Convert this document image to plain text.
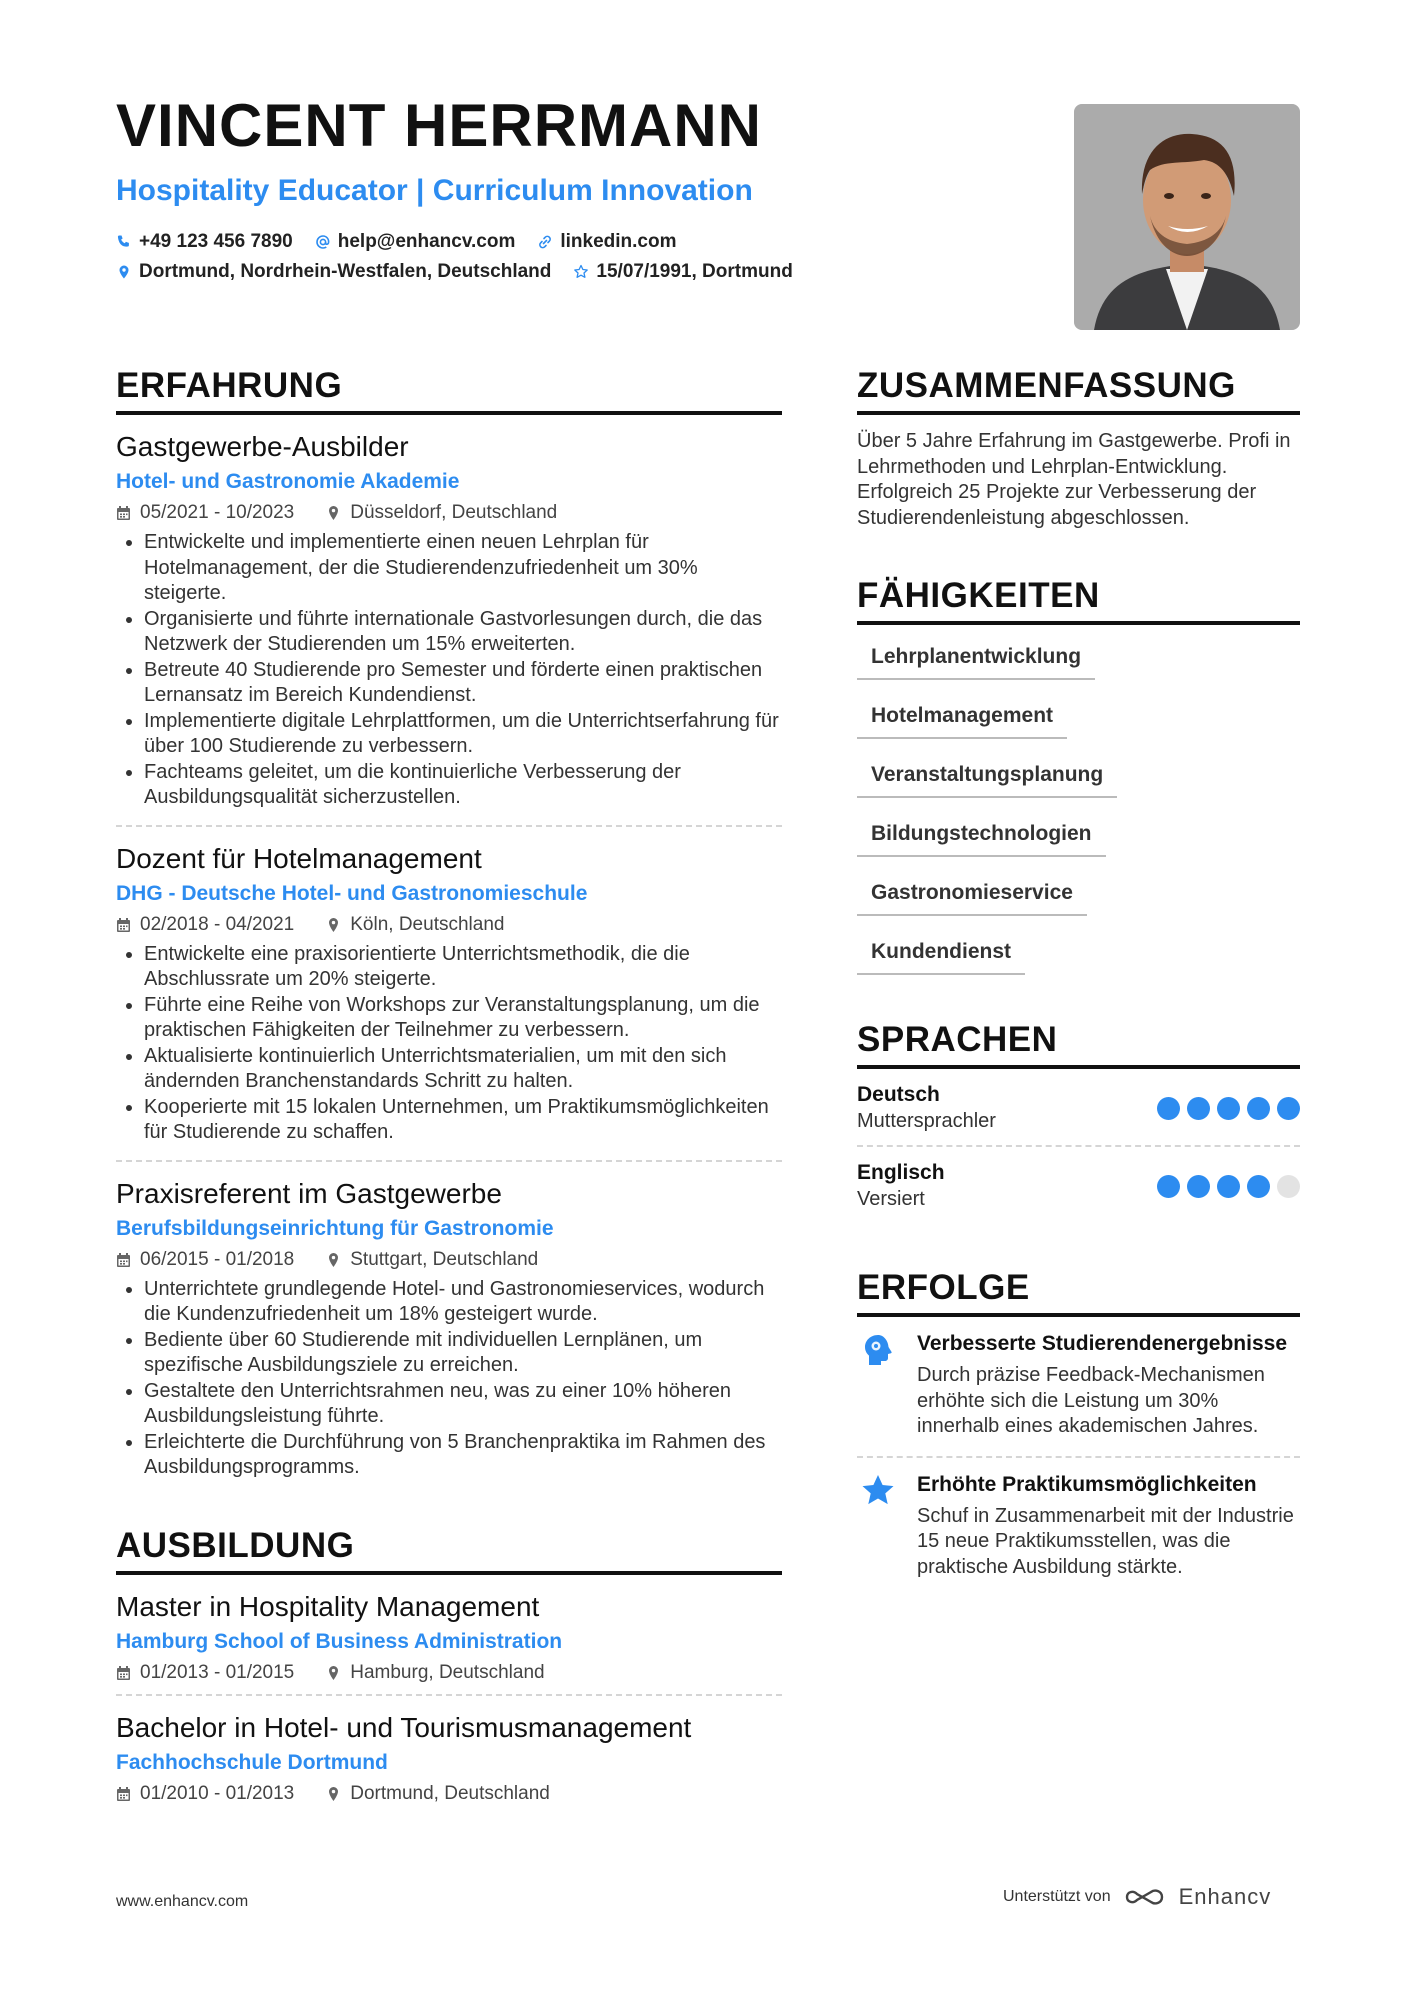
VINCENT HERRMANN
Hospitality Educator | Curriculum Innovation
+49 123 456 7890 help@enhancv.com linkedin.com
Dortmund, Nordrhein-Westfalen, Deutschland 15/07/1991, Dortmund
ERFAHRUNG
Gastgewerbe-Ausbilder
Hotel- und Gastronomie Akademie
05/2021 - 10/2023	Düsseldorf, Deutschland
• Entwickelte und implementierte einen neuen Lehrplan für Hotelmanagement, der die Studierendenzufriedenheit um 30% steigerte.
• Organisierte und führte internationale Gastvorlesungen durch, die das Netzwerk der Studierenden um 15% erweiterten.
• Betreute 40 Studierende pro Semester und förderte einen praktischen Lernansatz im Bereich Kundendienst.
• Implementierte digitale Lehrplattformen, um die Unterrichtserfahrung für über 100 Studierende zu verbessern.
• Fachteams geleitet, um die kontinuierliche Verbesserung der Ausbildungsqualität sicherzustellen.
Dozent für Hotelmanagement
DHG - Deutsche Hotel- und Gastronomieschule
02/2018 - 04/2021	Köln, Deutschland
• Entwickelte eine praxisorientierte Unterrichtsmethodik, die die Abschlussrate um 20% steigerte.
• Führte eine Reihe von Workshops zur Veranstaltungsplanung, um die praktischen Fähigkeiten der Teilnehmer zu verbessern.
• Aktualisierte kontinuierlich Unterrichtsmaterialien, um mit den sich ändernden Branchenstandards Schritt zu halten.
• Kooperierte mit 15 lokalen Unternehmen, um Praktikumsmöglichkeiten für Studierende zu schaffen.
Praxisreferent im Gastgewerbe
Berufsbildungseinrichtung für Gastronomie
06/2015 - 01/2018	Stuttgart, Deutschland
• Unterrichtete grundlegende Hotel- und Gastronomieservices, wodurch die Kundenzufriedenheit um 18% gesteigert wurde.
• Bediente über 60 Studierende mit individuellen Lernplänen, um spezifische Ausbildungsziele zu erreichen.
• Gestaltete den Unterrichtsrahmen neu, was zu einer 10% höheren Ausbildungsleistung führte.
• Erleichterte die Durchführung von 5 Branchenpraktika im Rahmen des Ausbildungsprogramms.
AUSBILDUNG
Master in Hospitality Management
Hamburg School of Business Administration
01/2013 - 01/2015	Hamburg, Deutschland
Bachelor in Hotel- und Tourismusmanagement
Fachhochschule Dortmund
01/2010 - 01/2013	Dortmund, Deutschland
ZUSAMMENFASSUNG
Über 5 Jahre Erfahrung im Gastgewerbe. Profi in Lehrmethoden und Lehrplan-Entwicklung. Erfolgreich 25 Projekte zur Verbesserung der Studierendenleistung abgeschlossen.
FÄHIGKEITEN
Lehrplanentwicklung
Hotelmanagement
Veranstaltungsplanung
Bildungstechnologien
Gastronomieservice
Kundendienst
SPRACHEN
Deutsch
Muttersprachler
Englisch
Versiert
ERFOLGE
Verbesserte Studierendenergebnisse
Durch präzise Feedback-Mechanismen erhöhte sich die Leistung um 30% innerhalb eines akademischen Jahres.
Erhöhte Praktikumsmöglichkeiten
Schuf in Zusammenarbeit mit der Industrie 15 neue Praktikumsstellen, was die praktische Ausbildung stärkte.
www.enhancv.com	Unterstützt von	Enhancv
